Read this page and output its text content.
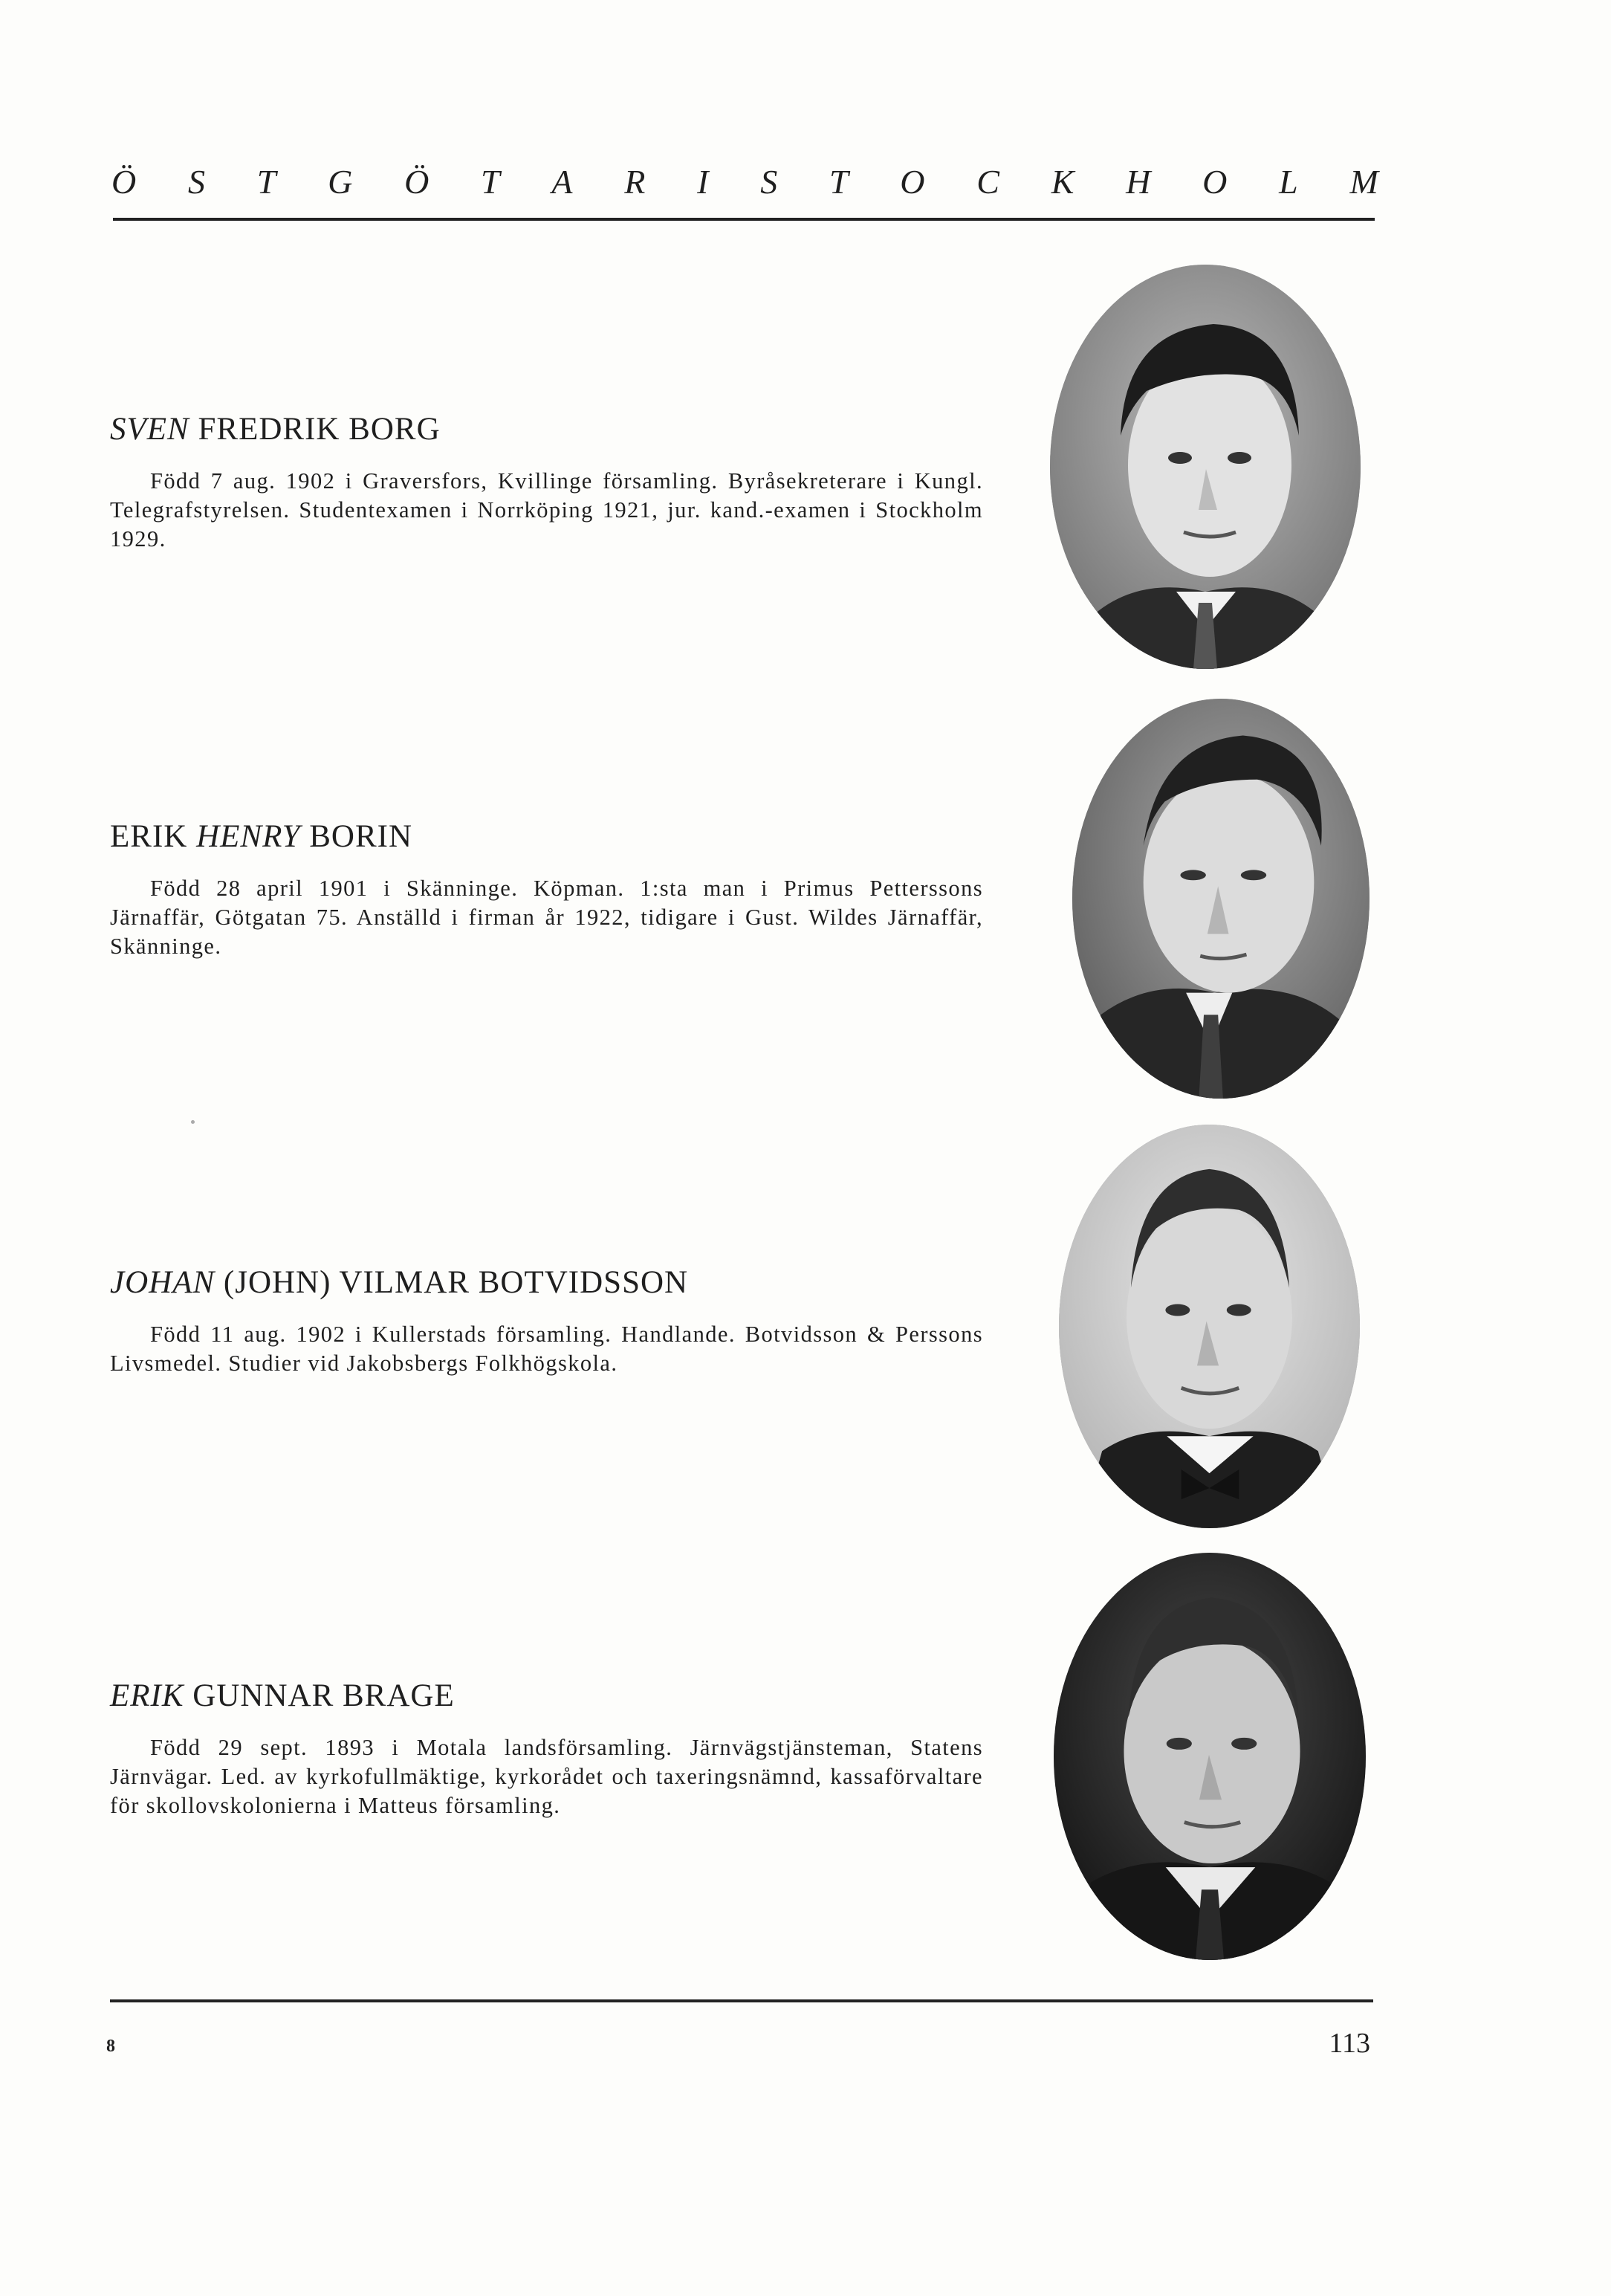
Ö S T G Ö T A R I S T O C K H O L M

SVEN FREDRIK BORG

Född 7 aug. 1902 i Graversfors, Kvillinge församling. Byråsekreterare i Kungl. Telegrafstyrelsen. Studentexamen i Norrköping 1921, jur. kand.-examen i Stockholm 1929.

ERIK HENRY BORIN

Född 28 april 1901 i Skänninge. Köpman. 1:sta man i Primus Petterssons Järnaffär, Götgatan 75. Anställd i firman år 1922, tidigare i Gust. Wildes Järnaffär, Skänninge.

JOHAN (JOHN) VILMAR BOTVIDSSON

Född 11 aug. 1902 i Kullerstads församling. Handlande. Botvidsson & Perssons Livsmedel. Studier vid Jakobsbergs Folkhögskola.

ERIK GUNNAR BRAGE

Född 29 sept. 1893 i Motala landsförsamling. Järnvägstjänsteman, Statens Järnvägar. Led. av kyrkofullmäktige, kyrkorådet och taxeringsnämnd, kassaförvaltare för skollovskolonierna i Matteus församling.

8	113
